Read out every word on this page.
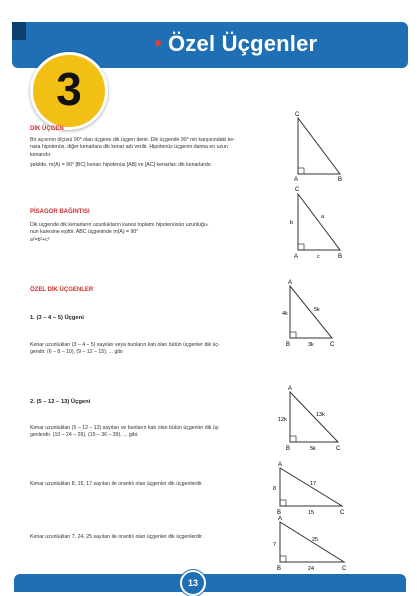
Özel Üçgenler
3
DİK ÜÇGEN
Bir açısının ölçüsü 90° olan üçgene dik üçgen denir. Dik üçgende 90° nin karşısındaki ke-
nara hipotenüs, diğer kenarlara dik kenar adı verilir. Hipotenüs üçgenin daima en uzun
kenarıdır.
şekilde, m(A) = 90° [BC] kenarı hipotenüs [AB] ve [AC] kenarları dik kenarlardır.
C
A	B
PİSAGOR BAĞINTISI
Dik üçgende dik kenarların uzunlukların karesi toplamı hipotenüsün uzunluğu-
nun karesine eşittir. ABC üçgeninde m(A) = 90°
a²=b²+c²
C
b
a
A	c	B
ÖZEL DİK ÜÇGENLER
1. (3 – 4 – 5) Üçgeni
Kenar uzunlukları (3 – 4 – 5) sayıları veya bunların katı olan bütün üçgenler dik üç-
gendir. (6 – 8 – 10), (9 – 12 – 15), ... gibi
A
4k
5k
B	3k	C
2. (5 – 12 – 13) Üçgeni
Kenar uzunlukları (5 – 12 – 13) sayıları ve bunların katı olan bütün üçgenler dik üç-
genlerdir. (10 – 24 – 26), (15 – 36 – 39), ... gibi.
A
12k
13k
B	5k	C
Kenar uzunlukları 8, 15, 17 sayıları ile orantılı olan üçgenler dik üçgenlerdir.
A
8
17
B	15	C
Kenar uzunlukları 7, 24, 25 sayıları ile orantılı olan üçgenler dik üçgenlerdir.
A
7
25
B	24	C
13
